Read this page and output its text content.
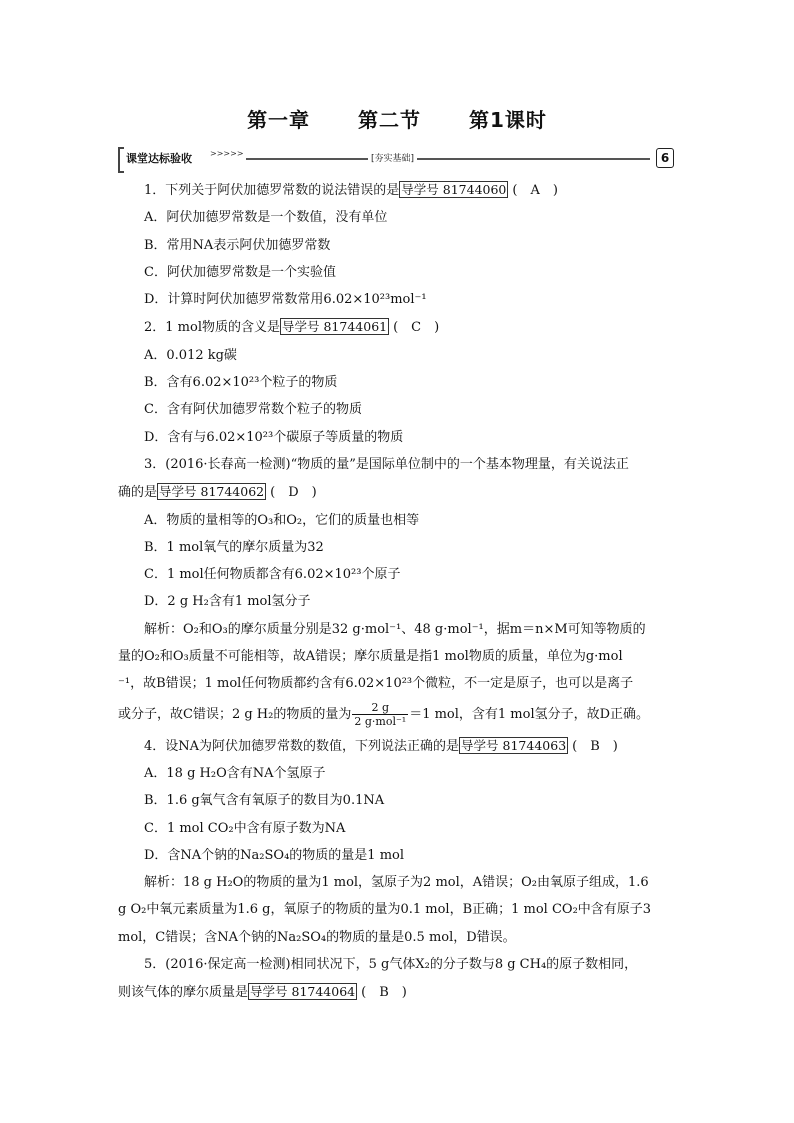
第一章 第二节 第1课时
课堂达标验收 >>>>>
[夯实基础]	6
1．下列关于阿伏加德罗常数的说法错误的是 导学号 81744060 (　A　)
A．阿伏加德罗常数是一个数值，没有单位
B．常用NA表示阿伏加德罗常数
C．阿伏加德罗常数是一个实验值
D．计算时阿伏加德罗常数常用6.02×10²³mol⁻¹
2．1 mol物质的含义是 导学号 81744061 (　C　)
A．0.012 kg碳
B．含有6.02×10²³个粒子的物质
C．含有阿伏加德罗常数个粒子的物质
D．含有与6.02×10²³个碳原子等质量的物质
3．(2016·长春高一检测)“物质的量”是国际单位制中的一个基本物理量，有关说法正
确的是 导学号 81744062 (　D　)
A．物质的量相等的O₃和O₂，它们的质量也相等
B．1 mol氧气的摩尔质量为32
C．1 mol任何物质都含有6.02×10²³个原子
D．2 g H₂含有1 mol氢分子
解析：O₂和O₃的摩尔质量分别是32 g·mol⁻¹、48 g·mol⁻¹，据m＝n×M可知等物质的
量的O₂和O₃质量不可能相等，故A错误；摩尔质量是指1 mol物质的质量，单位为g·mol
⁻¹，故B错误；1 mol任何物质都约含有6.02×10²³个微粒，不一定是原子，也可以是离子
或分子，故C错误；2 g H₂的物质的量为 $\frac{2 g}{\text{2 g·mol⁻¹}} =1$ mol，含有1 mol氢分子，故D正确。
4．设NA为阿伏加德罗常数的数值，下列说法正确的是 导学号 81744063 (　B　)
A．18 g H₂O含有NA个氢原子
B．1.6 g氧气含有氧原子的数目为0.1NA
C．1 mol CO₂中含有原子数为NA
D．含NA个钠的Na₂SO₄的物质的量是1 mol
解析：18 g H₂O的物质的量为1 mol，氢原子为2 mol，A错误；O₂由氧原子组成，1.6
g O₂中氧元素质量为1.6 g，氧原子的物质的量为0.1 mol，B正确；1 mol CO₂中含有原子3
mol，C错误；含NA个钠的Na₂SO₄的物质的量是0.5 mol，D错误。
5．(2016·保定高一检测)相同状况下，5 g气体X₂的分子数与8 g CH₄的原子数相同，
则该气体的摩尔质量是 导学号 81744064 (　B　)
